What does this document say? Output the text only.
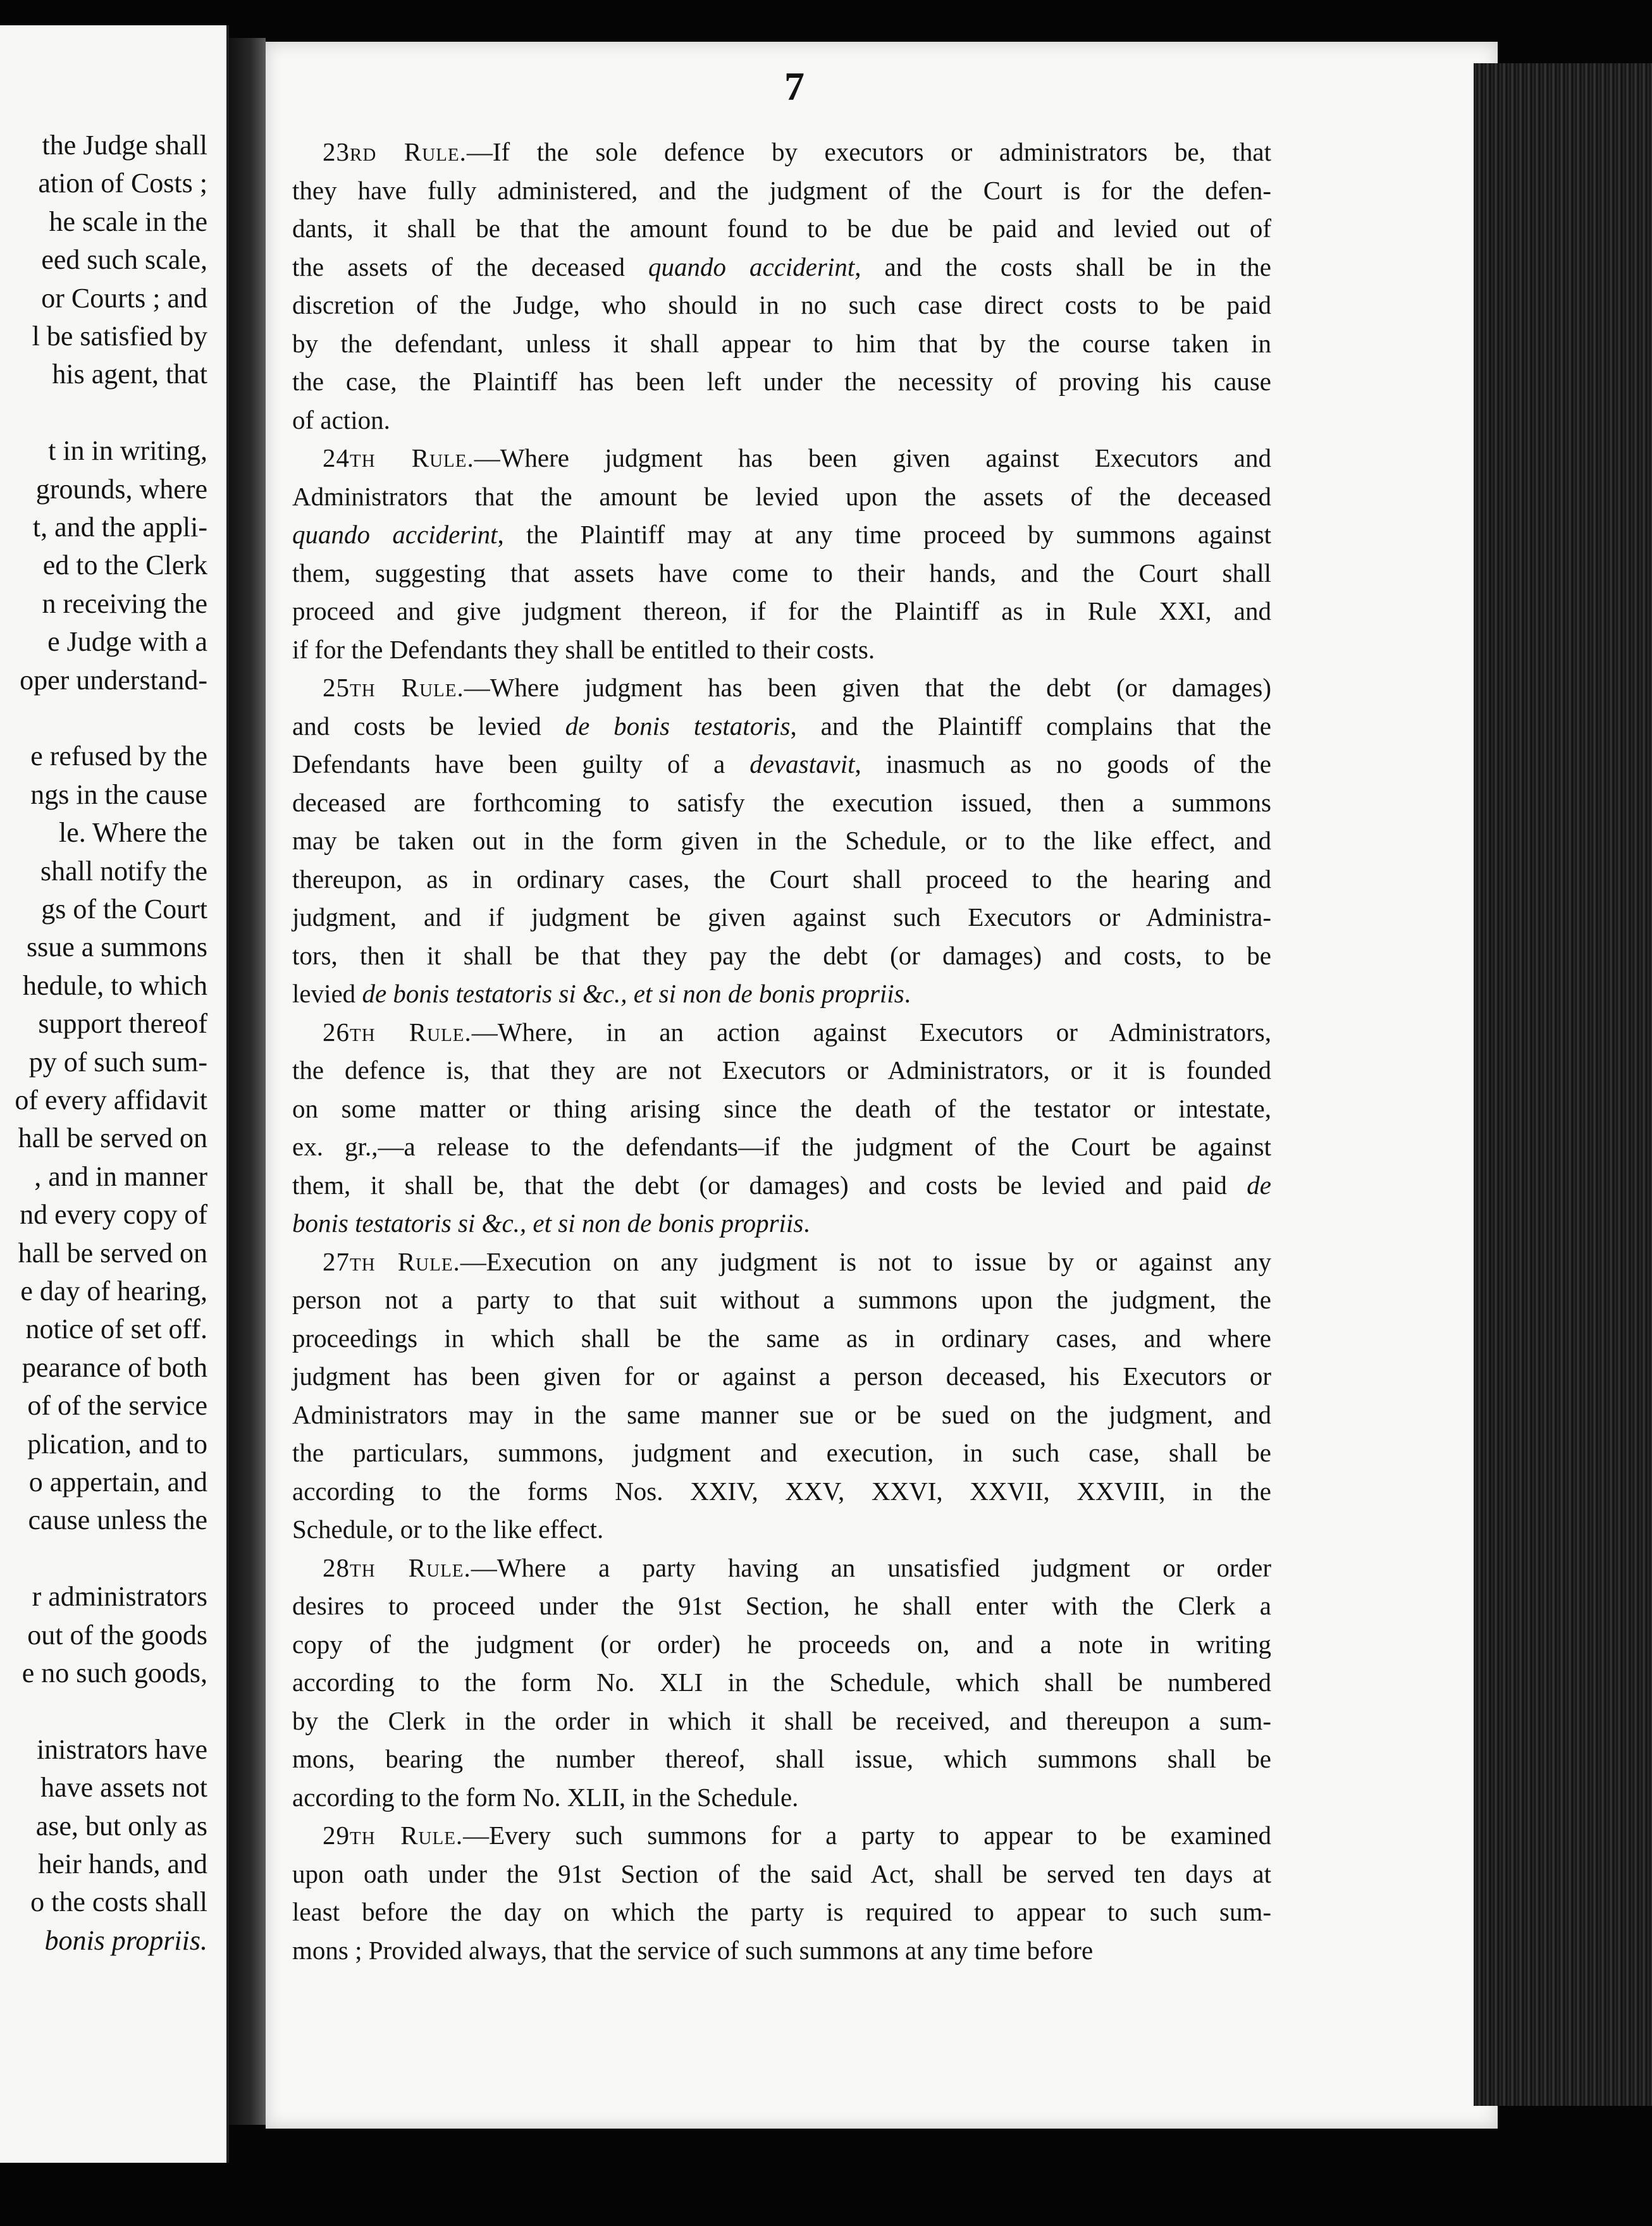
the Judge shall
ation of Costs ;
he scale in the
eed such scale,
or Courts ; and
l be satisfied by
his agent, that
t in in writing,
grounds, where
t, and the appli-
ed to the Clerk
n receiving the
e Judge with a
oper understand-
e refused by the
ngs in the cause
le. Where the
shall notify the
gs of the Court
ssue a summons
hedule, to which
support thereof
py of such sum-
of every affidavit
hall be served on
, and in manner
nd every copy of
hall be served on
e day of hearing,
notice of set off.
pearance of both
of of the service
plication, and to
o appertain, and
cause unless the
r administrators
out of the goods
e no such goods,
inistrators have
have assets not
ase, but only as
heir hands, and
o the costs shall
bonis propriis.
7
23rd Rule.—If the sole defence by executors or administrators be, that
they have fully administered, and the judgment of the Court is for the defen-
dants, it shall be that the amount found to be due be paid and levied out of
the assets of the deceased quando acciderint, and the costs shall be in the
discretion of the Judge, who should in no such case direct costs to be paid
by the defendant, unless it shall appear to him that by the course taken in
the case, the Plaintiff has been left under the necessity of proving his cause
of action.
24th Rule.—Where judgment has been given against Executors and
Administrators that the amount be levied upon the assets of the deceased
quando acciderint, the Plaintiff may at any time proceed by summons against
them, suggesting that assets have come to their hands, and the Court shall
proceed and give judgment thereon, if for the Plaintiff as in Rule XXI, and
if for the Defendants they shall be entitled to their costs.
25th Rule.—Where judgment has been given that the debt (or damages)
and costs be levied de bonis testatoris, and the Plaintiff complains that the
Defendants have been guilty of a devastavit, inasmuch as no goods of the
deceased are forthcoming to satisfy the execution issued, then a summons
may be taken out in the form given in the Schedule, or to the like effect, and
thereupon, as in ordinary cases, the Court shall proceed to the hearing and
judgment, and if judgment be given against such Executors or Administra-
tors, then it shall be that they pay the debt (or damages) and costs, to be
levied de bonis testatoris si &c., et si non de bonis propriis.
26th Rule.—Where, in an action against Executors or Administrators,
the defence is, that they are not Executors or Administrators, or it is founded
on some matter or thing arising since the death of the testator or intestate,
ex. gr.,—a release to the defendants—if the judgment of the Court be against
them, it shall be, that the debt (or damages) and costs be levied and paid de
bonis testatoris si &c., et si non de bonis propriis.
27th Rule.—Execution on any judgment is not to issue by or against any
person not a party to that suit without a summons upon the judgment, the
proceedings in which shall be the same as in ordinary cases, and where
judgment has been given for or against a person deceased, his Executors or
Administrators may in the same manner sue or be sued on the judgment, and
the particulars, summons, judgment and execution, in such case, shall be
according to the forms Nos. XXIV, XXV, XXVI, XXVII, XXVIII, in the
Schedule, or to the like effect.
28th Rule.—Where a party having an unsatisfied judgment or order
desires to proceed under the 91st Section, he shall enter with the Clerk a
copy of the judgment (or order) he proceeds on, and a note in writing
according to the form No. XLI in the Schedule, which shall be numbered
by the Clerk in the order in which it shall be received, and thereupon a sum-
mons, bearing the number thereof, shall issue, which summons shall be
according to the form No. XLII, in the Schedule.
29th Rule.—Every such summons for a party to appear to be examined
upon oath under the 91st Section of the said Act, shall be served ten days at
least before the day on which the party is required to appear to such sum-
mons ; Provided always, that the service of such summons at any time before
